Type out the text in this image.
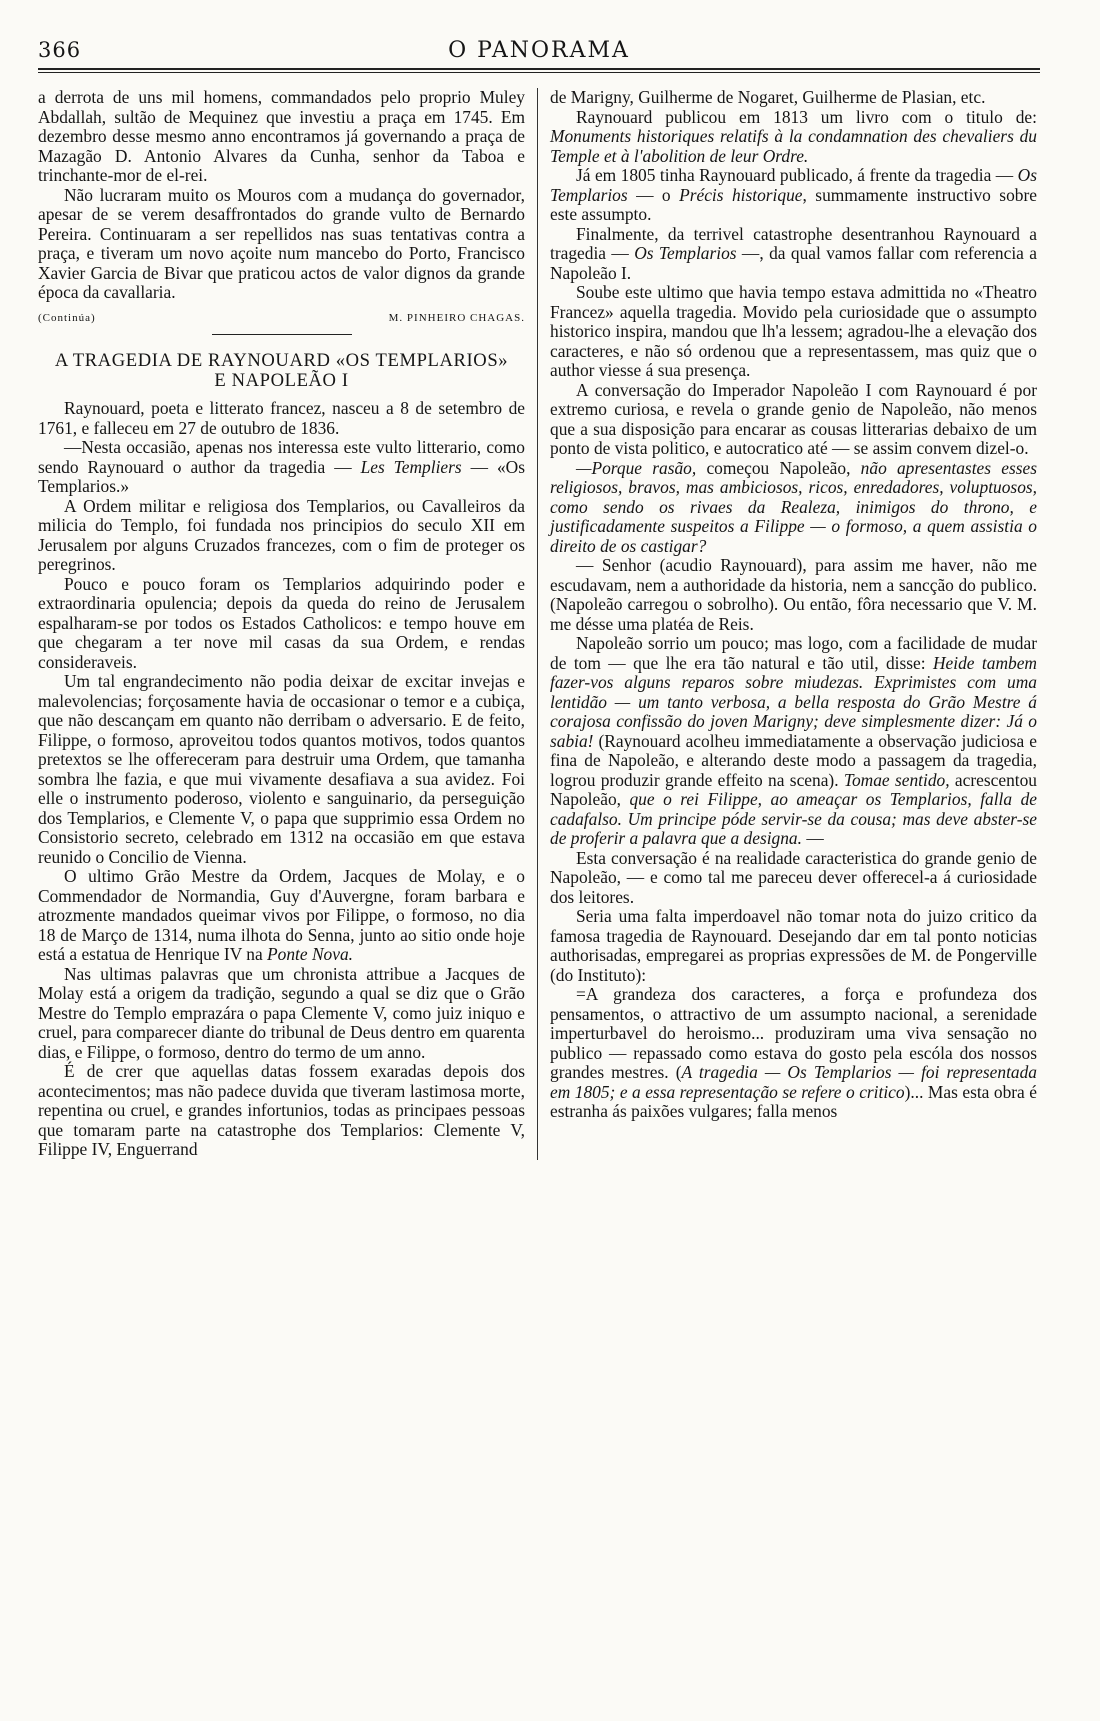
366	O PANORAMA

a derrota de uns mil homens, commandados pelo proprio Muley Abdallah, sultão de Mequinez que investiu a praça em 1745. Em dezembro desse mesmo anno encontramos já governando a praça de Mazagão D. Antonio Alvares da Cunha, senhor da Taboa e trinchante-mor de el-rei.

Não lucraram muito os Mouros com a mudança do governador, apesar de se verem desaffrontados do grande vulto de Bernardo Pereira. Continuaram a ser repellidos nas suas tentativas contra a praça, e tiveram um novo açoite num mancebo do Porto, Francisco Xavier Garcia de Bivar que praticou actos de valor dignos da grande época da cavallaria.

(Continúa)	M. PINHEIRO CHAGAS.
A TRAGEDIA DE RAYNOUARD «OS TEMPLARIOS»
E NAPOLEÃO I

Raynouard, poeta e litterato francez, nasceu a 8 de setembro de 1761, e falleceu em 27 de outubro de 1836.

—Nesta occasião, apenas nos interessa este vulto litterario, como sendo Raynouard o author da tragedia — Les Templiers — «Os Templarios.»

A Ordem militar e religiosa dos Templarios, ou Cavalleiros da milicia do Templo, foi fundada nos principios do seculo XII em Jerusalem por alguns Cruzados francezes, com o fim de proteger os peregrinos.

Pouco e pouco foram os Templarios adquirindo poder e extraordinaria opulencia; depois da queda do reino de Jerusalem espalharam-se por todos os Estados Catholicos: e tempo houve em que chegaram a ter nove mil casas da sua Ordem, e rendas consideraveis.

Um tal engrandecimento não podia deixar de excitar invejas e malevolencias; forçosamente havia de occasionar o temor e a cubiça, que não descançam em quanto não derribam o adversario. E de feito, Filippe, o formoso, aproveitou todos quantos motivos, todos quantos pretextos se lhe offereceram para destruir uma Ordem, que tamanha sombra lhe fazia, e que mui vivamente desafiava a sua avidez. Foi elle o instrumento poderoso, violento e sanguinario, da perseguição dos Templarios, e Clemente V, o papa que supprimio essa Ordem no Consistorio secreto, celebrado em 1312 na occasião em que estava reunido o Concilio de Vienna.

O ultimo Grão Mestre da Ordem, Jacques de Molay, e o Commendador de Normandia, Guy d'Auvergne, foram barbara e atrozmente mandados queimar vivos por Filippe, o formoso, no dia 18 de Março de 1314, numa ilhota do Senna, junto ao sitio onde hoje está a estatua de Henrique IV na Ponte Nova.

Nas ultimas palavras que um chronista attribue a Jacques de Molay está a origem da tradição, segundo a qual se diz que o Grão Mestre do Templo emprazára o papa Clemente V, como juiz iniquo e cruel, para comparecer diante do tribunal de Deus dentro em quarenta dias, e Filippe, o formoso, dentro do termo de um anno.

É de crer que aquellas datas fossem exaradas depois dos acontecimentos; mas não padece duvida que tiveram lastimosa morte, repentina ou cruel, e grandes infortunios, todas as principaes pessoas que tomaram parte na catastrophe dos Templarios: Clemente V, Filippe IV, Enguerrand

de Marigny, Guilherme de Nogaret, Guilherme de Plasian, etc.

Raynouard publicou em 1813 um livro com o titulo de: Monuments historiques relatifs à la condamnation des chevaliers du Temple et à l'abolition de leur Ordre.

Já em 1805 tinha Raynouard publicado, á frente da tragedia — Os Templarios — o Précis historique, summamente instructivo sobre este assumpto.

Finalmente, da terrivel catastrophe desentranhou Raynouard a tragedia — Os Templarios —, da qual vamos fallar com referencia a Napoleão I.

Soube este ultimo que havia tempo estava admittida no «Theatro Francez» aquella tragedia. Movido pela curiosidade que o assumpto historico inspira, mandou que lh'a lessem; agradou-lhe a elevação dos caracteres, e não só ordenou que a representassem, mas quiz que o author viesse á sua presença.

A conversação do Imperador Napoleão I com Raynouard é por extremo curiosa, e revela o grande genio de Napoleão, não menos que a sua disposição para encarar as cousas litterarias debaixo de um ponto de vista politico, e autocratico até — se assim convem dizel-o.

—Porque rasão, começou Napoleão, não apresentastes esses religiosos, bravos, mas ambiciosos, ricos, enredadores, voluptuosos, como sendo os rivaes da Realeza, inimigos do throno, e justificadamente suspeitos a Filippe — o formoso, a quem assistia o direito de os castigar?

— Senhor (acudio Raynouard), para assim me haver, não me escudavam, nem a authoridade da historia, nem a sancção do publico. (Napoleão carregou o sobrolho). Ou então, fôra necessario que V. M. me désse uma platéa de Reis.

Napoleão sorrio um pouco; mas logo, com a facilidade de mudar de tom — que lhe era tão natural e tão util, disse: Heide tambem fazer-vos alguns reparos sobre miudezas. Exprimistes com uma lentidão — um tanto verbosa, a bella resposta do Grão Mestre á corajosa confissão do joven Marigny; deve simplesmente dizer: Já o sabia! (Raynouard acolheu immediatamente a observação judiciosa e fina de Napoleão, e alterando deste modo a passagem da tragedia, logrou produzir grande effeito na scena). Tomae sentido, acrescentou Napoleão, que o rei Filippe, ao ameaçar os Templarios, falla de cadafalso. Um principe póde servir-se da cousa; mas deve abster-se de proferir a palavra que a designa. —

Esta conversação é na realidade caracteristica do grande genio de Napoleão, — e como tal me pareceu dever offerecel-a á curiosidade dos leitores.

Seria uma falta imperdoavel não tomar nota do juizo critico da famosa tragedia de Raynouard. Desejando dar em tal ponto noticias authorisadas, empregarei as proprias expressões de M. de Pongerville (do Instituto):

=A grandeza dos caracteres, a força e profundeza dos pensamentos, o attractivo de um assumpto nacional, a serenidade imperturbavel do heroismo... produziram uma viva sensação no publico — repassado como estava do gosto pela escóla dos nossos grandes mestres. (A tragedia — Os Templarios — foi representada em 1805; e a essa representação se refere o critico)... Mas esta obra é estranha ás paixões vulgares; falla menos
